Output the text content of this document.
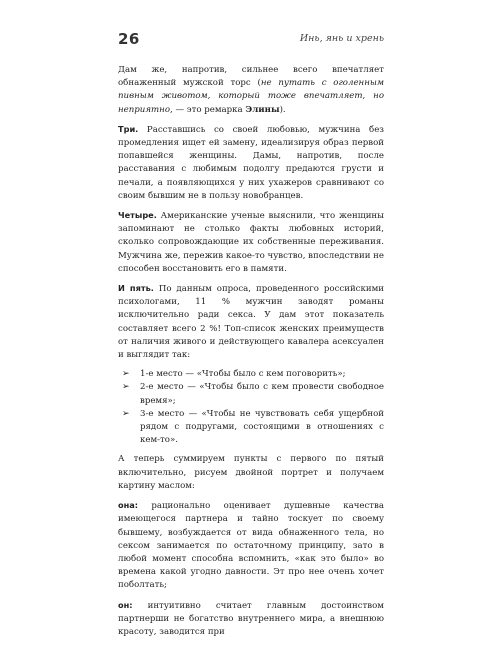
26	Инь, янь и хрень

Дам же, напротив, сильнее всего впечатляет обнаженный мужской торс (не путать с оголенным пивным животом, который тоже впечатляет, но неприятно, — это ремарка Элины).

Три. Расставшись со своей любовью, мужчина без промедления ищет ей замену, идеализируя образ первой попавшейся женщины. Дамы, напротив, после расставания с любимым подолгу предаются грусти и печали, а появляющихся у них ухажеров сравнивают со своим бывшим не в пользу новобранцев.

Четыре. Американские ученые выяснили, что женщины запоминают не столько факты любовных историй, сколько сопровождающие их собственные переживания. Мужчина же, пережив какое-то чувство, впоследствии не способен восстановить его в памяти.

И пять. По данным опроса, проведенного российскими психологами, 11 % мужчин заводят романы исключительно ради секса. У дам этот показатель составляет всего 2 %! Топ-список женских преимуществ от наличия живого и действующего кавалера асексуален и выглядит так:

➢ 1-е место — «Чтобы было с кем поговорить»;
➢ 2-е место — «Чтобы было с кем провести свободное время»;
➢ 3-е место — «Чтобы не чувствовать себя ущербной рядом с подругами, состоящими в отношениях с кем-то».

А теперь суммируем пункты с первого по пятый включительно, рисуем двойной портрет и получаем картину маслом:

она: рационально оценивает душевные качества имеющегося партнера и тайно тоскует по своему бывшему, возбуждается от вида обнаженного тела, но сексом занимается по остаточному принципу, зато в любой момент способна вспомнить, «как это было» во времена какой угодно давности. Эт про нее очень хочет поболтать;

он: интуитивно считает главным достоинством партнерши не богатство внутреннего мира, а внешнюю красоту, заводится при
